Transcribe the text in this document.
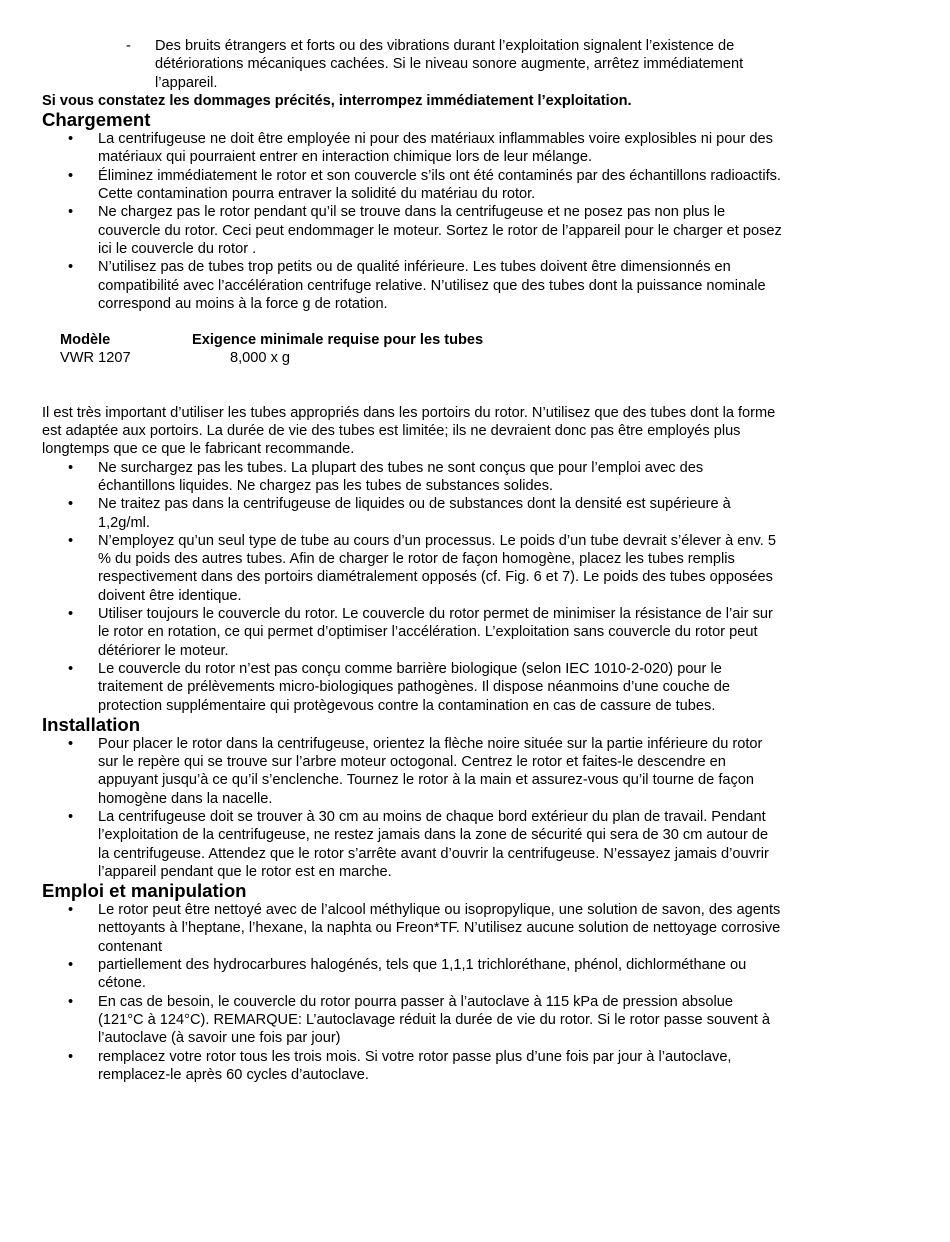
- Des bruits étrangers et forts ou des vibrations durant l’exploitation signalent l’existence de détériorations mécaniques cachées. Si le niveau sonore augmente, arrêtez immédiatement l’appareil.

Si vous constatez les dommages précités, interrompez immédiatement l’exploitation.

Chargement
• La centrifugeuse ne doit être employée ni pour des matériaux inflammables voire explosibles ni pour des matériaux qui pourraient entrer en interaction chimique lors de leur mélange.
• Éliminez immédiatement le rotor et son couvercle s’ils ont été contaminés par des échantillons radioactifs. Cette contamination pourra entraver la solidité du matériau du rotor.
• Ne chargez pas le rotor pendant qu’il se trouve dans la centrifugeuse et ne posez pas non plus le couvercle du rotor. Ceci peut endommager le moteur. Sortez le rotor de l’appareil pour le charger et posez ici le couvercle du rotor .
• N’utilisez pas de tubes trop petits ou de qualité inférieure. Les tubes doivent être dimensionnés en compatibilité avec l’accélération centrifuge relative. N’utilisez que des tubes dont la puissance nominale correspond au moins à la force g de rotation.
Modèle	Exigence minimale requise pour les tubes
VWR 1207	8,000 x g

Il est très important d’utiliser les tubes appropriés dans les portoirs du rotor. N’utilisez que des tubes dont la forme est adaptée aux portoirs. La durée de vie des tubes est limitée; ils ne devraient donc pas être employés plus longtemps que ce que le fabricant recommande.

• Ne surchargez pas les tubes. La plupart des tubes ne sont conçus que pour l’emploi avec des échantillons liquides. Ne chargez pas les tubes de substances solides.
• Ne traitez pas dans la centrifugeuse de liquides ou de substances dont la densité est supérieure à 1,2g/ml.
• N’employez qu’un seul type de tube au cours d’un processus. Le poids d’un tube devrait s’élever à env. 5 % du poids des autres tubes. Afin de charger le rotor de façon homogène, placez les tubes remplis respectivement dans des portoirs diamétralement opposés (cf. Fig. 6 et 7). Le poids des tubes opposées doivent être identique.
• Utiliser toujours le couvercle du rotor. Le couvercle du rotor permet de minimiser la résistance de l’air sur le rotor en rotation, ce qui permet d’optimiser l’accélération. L’exploitation sans couvercle du rotor peut détériorer le moteur.
• Le couvercle du rotor n’est pas conçu comme barrière biologique (selon IEC 1010-2-020) pour le traitement de prélèvements micro-biologiques pathogènes. Il dispose néanmoins d’une couche de protection supplémentaire qui protègevous contre la contamination en cas de cassure de tubes.
Installation
• Pour placer le rotor dans la centrifugeuse, orientez la flèche noire située sur la partie inférieure du rotor sur le repère qui se trouve sur l’arbre moteur octogonal. Centrez le rotor et faites-le descendre en appuyant jusqu’à ce qu’il s’enclenche. Tournez le rotor à la main et assurez-vous qu’il tourne de façon homogène dans la nacelle.
• La centrifugeuse doit se trouver à 30 cm au moins de chaque bord extérieur du plan de travail. Pendant l’exploitation de la centrifugeuse, ne restez jamais dans la zone de sécurité qui sera de 30 cm autour de la centrifugeuse. Attendez que le rotor s’arrête avant d’ouvrir la centrifugeuse. N’essayez jamais d’ouvrir l’appareil pendant que le rotor est en marche.
Emploi et manipulation
• Le rotor peut être nettoyé avec de l’alcool méthylique ou isopropylique, une solution de savon, des agents nettoyants à l’heptane, l’hexane, la naphta ou Freon*TF. N’utilisez aucune solution de nettoyage corrosive contenant
• partiellement des hydrocarbures halogénés, tels que 1,1,1 trichloréthane, phénol, dichlorméthane ou cétone.
• En cas de besoin, le couvercle du rotor pourra passer à l’autoclave à 115 kPa de pression absolue (121°C à 124°C). REMARQUE: L’autoclavage réduit la durée de vie du rotor. Si le rotor passe souvent à l’autoclave (à savoir une fois par jour)
• remplacez votre rotor tous les trois mois. Si votre rotor passe plus d’une fois par jour à l’autoclave, remplacez-le après 60 cycles d’autoclave.
